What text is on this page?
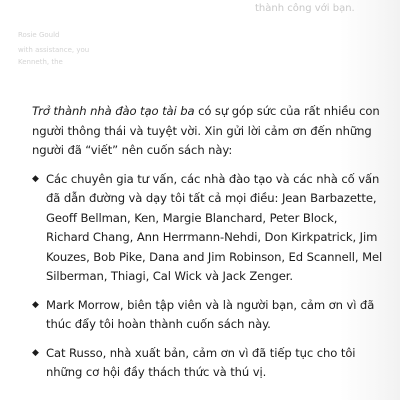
thành công với bạn.
Rosie Gould
with assistance, you
Kenneth, the

Trở thành nhà đào tạo tài ba có sự góp sức của rất nhiều con người thông thái và tuyệt vời. Xin gửi lời cảm ơn đến những người đã “viết” nên cuốn sách này:

◆ Các chuyên gia tư vấn, các nhà đào tạo và các nhà cố vấn đã dẫn đường và dạy tôi tất cả mọi điều: Jean Barbazette, Geoff Bellman, Ken, Margie Blanchard, Peter Block, Richard Chang, Ann Herrmann-Nehdi, Don Kirkpatrick, Jim Kouzes, Bob Pike, Dana and Jim Robinson, Ed Scannell, Mel Silberman, Thiagi, Cal Wick và Jack Zenger.
◆ Mark Morrow, biên tập viên và là người bạn, cảm ơn vì đã thúc đẩy tôi hoàn thành cuốn sách này.
◆ Cat Russo, nhà xuất bản, cảm ơn vì đã tiếp tục cho tôi những cơ hội đầy thách thức và thú vị.
